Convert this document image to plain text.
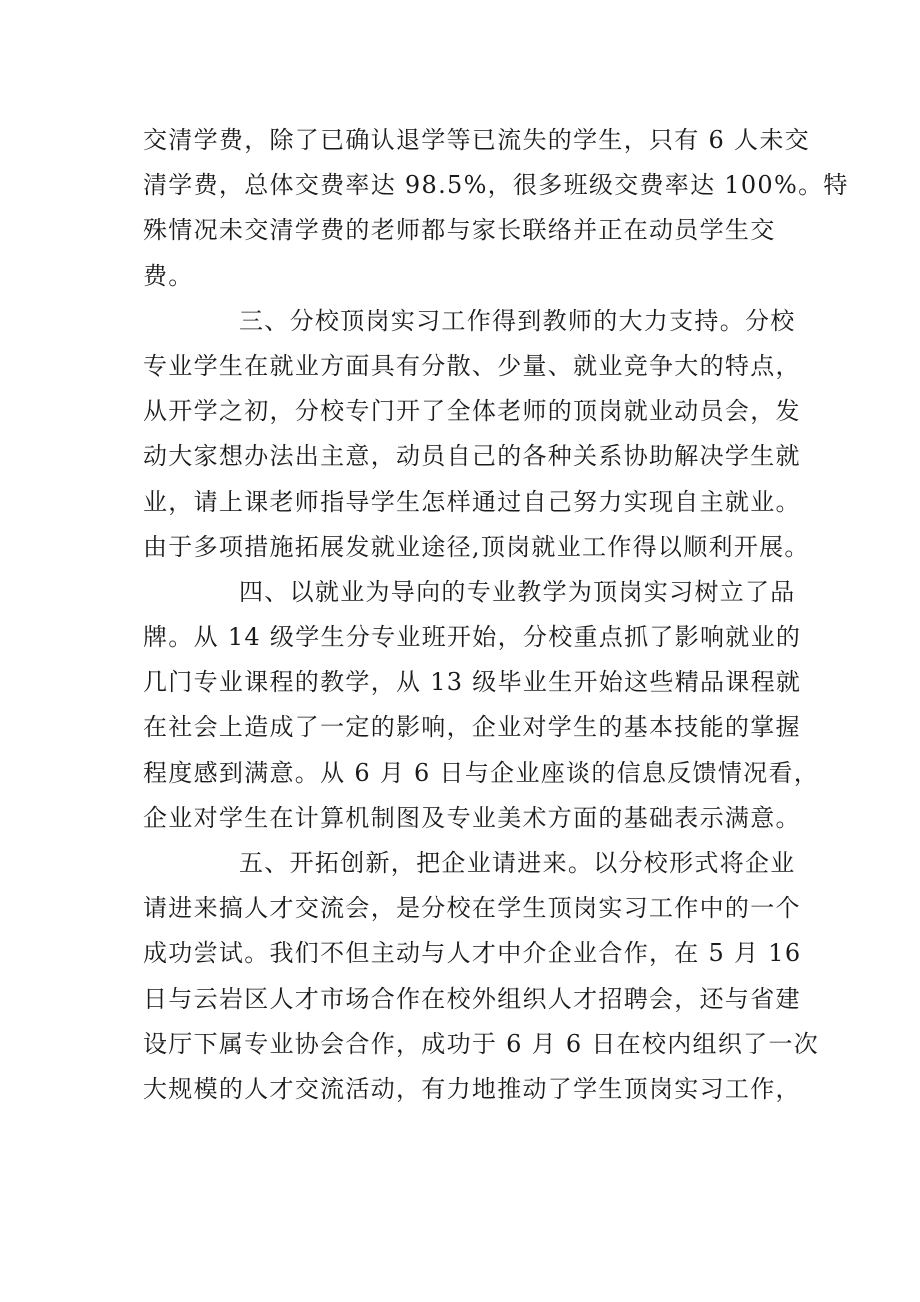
交清学费，除了已确认退学等已流失的学生，只有 6 人未交
清学费，总体交费率达 98.5%，很多班级交费率达 100%。特
殊情况未交清学费的老师都与家长联络并正在动员学生交
费。
三、分校顶岗实习工作得到教师的大力支持。分校
专业学生在就业方面具有分散、少量、就业竞争大的特点，
从开学之初，分校专门开了全体老师的顶岗就业动员会，发
动大家想办法出主意，动员自己的各种关系协助解决学生就
业，请上课老师指导学生怎样通过自己努力实现自主就业。
由于多项措施拓展发就业途径,顶岗就业工作得以顺利开展。
四、以就业为导向的专业教学为顶岗实习树立了品
牌。从 14 级学生分专业班开始，分校重点抓了影响就业的
几门专业课程的教学，从 13 级毕业生开始这些精品课程就
在社会上造成了一定的影响，企业对学生的基本技能的掌握
程度感到满意。从 6 月 6 日与企业座谈的信息反馈情况看，
企业对学生在计算机制图及专业美术方面的基础表示满意。
五、开拓创新，把企业请进来。以分校形式将企业
请进来搞人才交流会，是分校在学生顶岗实习工作中的一个
成功尝试。我们不但主动与人才中介企业合作，在 5 月 16
日与云岩区人才市场合作在校外组织人才招聘会，还与省建
设厅下属专业协会合作，成功于 6 月 6 日在校内组织了一次
大规模的人才交流活动，有力地推动了学生顶岗实习工作，
